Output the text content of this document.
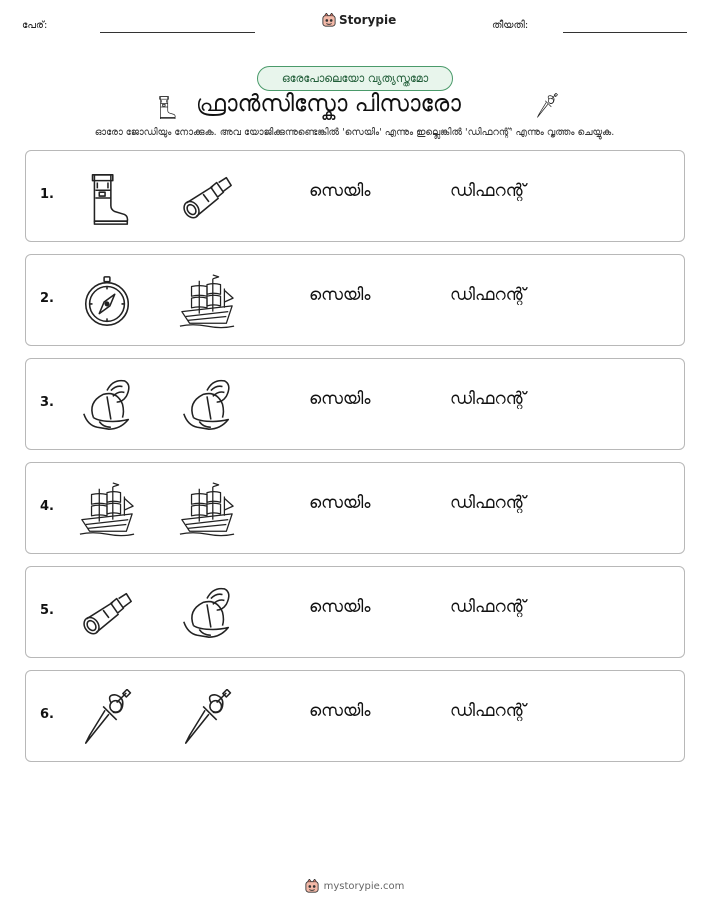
പേര്:	Storypie	തീയതി:
ഒരേപോലെയോ വ്യത്യസ്തമോ
ഫ്രാൻസിസ്കോ പിസാരോ

ഓരോ ജോഡിയും നോക്കുക. അവ യോജിക്കുന്നുണ്ടെങ്കിൽ 'സെയിം' എന്നും ഇല്ലെങ്കിൽ 'ഡിഫറന്റ്' എന്നും വൃത്തം ചെയ്യുക.

1.	സെയിം	ഡിഫറന്റ്
2.	സെയിം	ഡിഫറന്റ്
3.	സെയിം	ഡിഫറന്റ്
4.	സെയിം	ഡിഫറന്റ്
5.	സെയിം	ഡിഫറന്റ്
6.	സെയിം	ഡിഫറന്റ്
mystorypie.com
